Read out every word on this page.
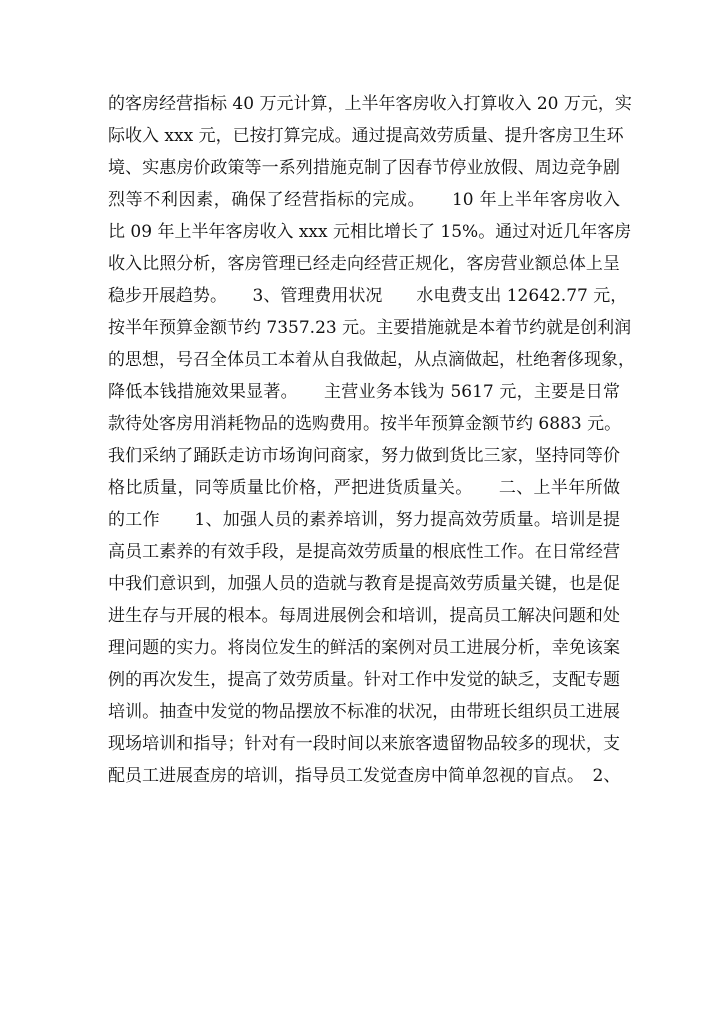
的客房经营指标 40 万元计算，上半年客房收入打算收入 20 万元，实
际收入 xxx 元，已按打算完成。通过提高效劳质量、提升客房卫生环
境、实惠房价政策等一系列措施克制了因春节停业放假、周边竞争剧
烈等不利因素，确保了经营指标的完成。　　10 年上半年客房收入
比 09 年上半年客房收入 xxx 元相比增长了 15%。通过对近几年客房
收入比照分析，客房管理已经走向经营正规化，客房营业额总体上呈
稳步开展趋势。　　3、管理费用状况　　水电费支出 12642.77 元，
按半年预算金额节约 7357.23 元。主要措施就是本着节约就是创利润
的思想，号召全体员工本着从自我做起，从点滴做起，杜绝奢侈现象，
降低本钱措施效果显著。　　主营业务本钱为 5617 元，主要是日常
款待处客房用消耗物品的选购费用。按半年预算金额节约 6883 元。
我们采纳了踊跃走访市场询问商家，努力做到货比三家，坚持同等价
格比质量，同等质量比价格，严把进货质量关。　　二、上半年所做
的工作　　1、加强人员的素养培训，努力提高效劳质量。培训是提
高员工素养的有效手段，是提高效劳质量的根底性工作。在日常经营
中我们意识到，加强人员的造就与教育是提高效劳质量关键，也是促
进生存与开展的根本。每周进展例会和培训，提高员工解决问题和处
理问题的实力。将岗位发生的鲜活的案例对员工进展分析，幸免该案
例的再次发生，提高了效劳质量。针对工作中发觉的缺乏，支配专题
培训。抽查中发觉的物品摆放不标准的状况，由带班长组织员工进展
现场培训和指导；针对有一段时间以来旅客遗留物品较多的现状，支
配员工进展查房的培训，指导员工发觉查房中简单忽视的盲点。　2、
